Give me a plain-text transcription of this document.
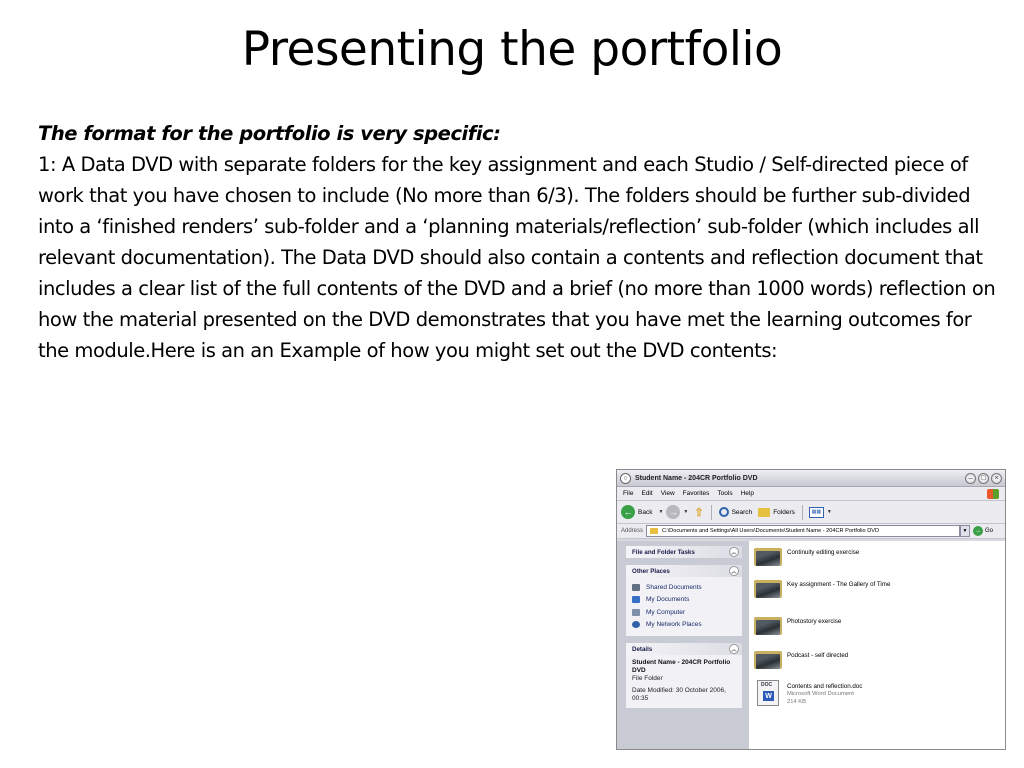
Presenting the portfolio
The format for the portfolio is very specific:
1: A Data DVD with separate folders for the key assignment and each Studio / Self-directed piece of work that you have chosen to include (No more than 6/3). The folders should be further sub-divided into a ‘finished renders’ sub-folder and a ‘planning materials/reflection’ sub-folder (which includes all relevant documentation). The Data DVD should also contain a contents and reflection document that includes a clear list of the full contents of the DVD and a brief (no more than 1000 words) reflection on how the material presented on the DVD demonstrates that you have met the learning outcomes for the module.Here is an an Example of how you might set out the DVD contents:
○	Student Name - 204CR Portfolio DVD	–	□	×
File Edit View Favorites Tools Help
← Back ▼ →	▼ ⇧	Search	Folders	▦▦	▼
Address	C:\Documents and Settings\All Users\Documents\Student Name - 204CR Portfolio DVD	▼	→ Go
File and Folder Tasks	︽
Other Places	︽
Shared Documents
My Documents
My Computer
My Network Places
Details	︽
Student Name - 204CR Portfolio DVD
File Folder
Date Modified: 30 October 2006, 00:35
Continuity editing exercise
Key assignment - The Gallery of Time
Photostory exercise
Podcast - self directed
DOC
W
Contents and reflection.doc
Microsoft Word Document
214 KB
